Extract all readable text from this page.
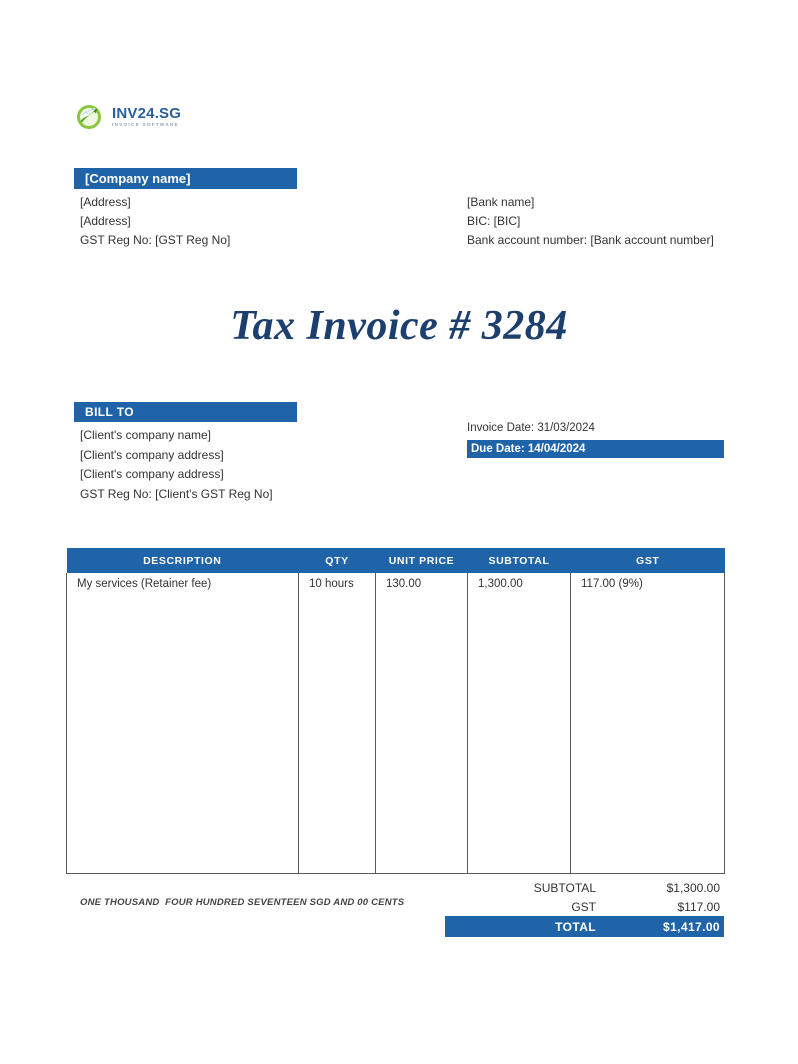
INV24.SG
INVOICE SOFTWARE
[Company name]
[Address]
[Address]
GST Reg No: [GST Reg No]
[Bank name]
BIC: [BIC]
Bank account number: [Bank account number]
Tax Invoice # 3284
BILL TO
[Client's company name]
[Client's company address]
[Client's company address]
GST Reg No: [Client's GST Reg No]
Invoice Date: 31/03/2024
Due Date: 14/04/2024
DESCRIPTION	QTY	UNIT PRICE	SUBTOTAL	GST
My services (Retainer fee)	10 hours	130.00	1,300.00	117.00 (9%)

ONE THOUSAND  FOUR HUNDRED SEVENTEEN SGD AND 00 CENTS
SUBTOTAL	$1,300.00
GST	$117.00
TOTAL	$1,417.00
